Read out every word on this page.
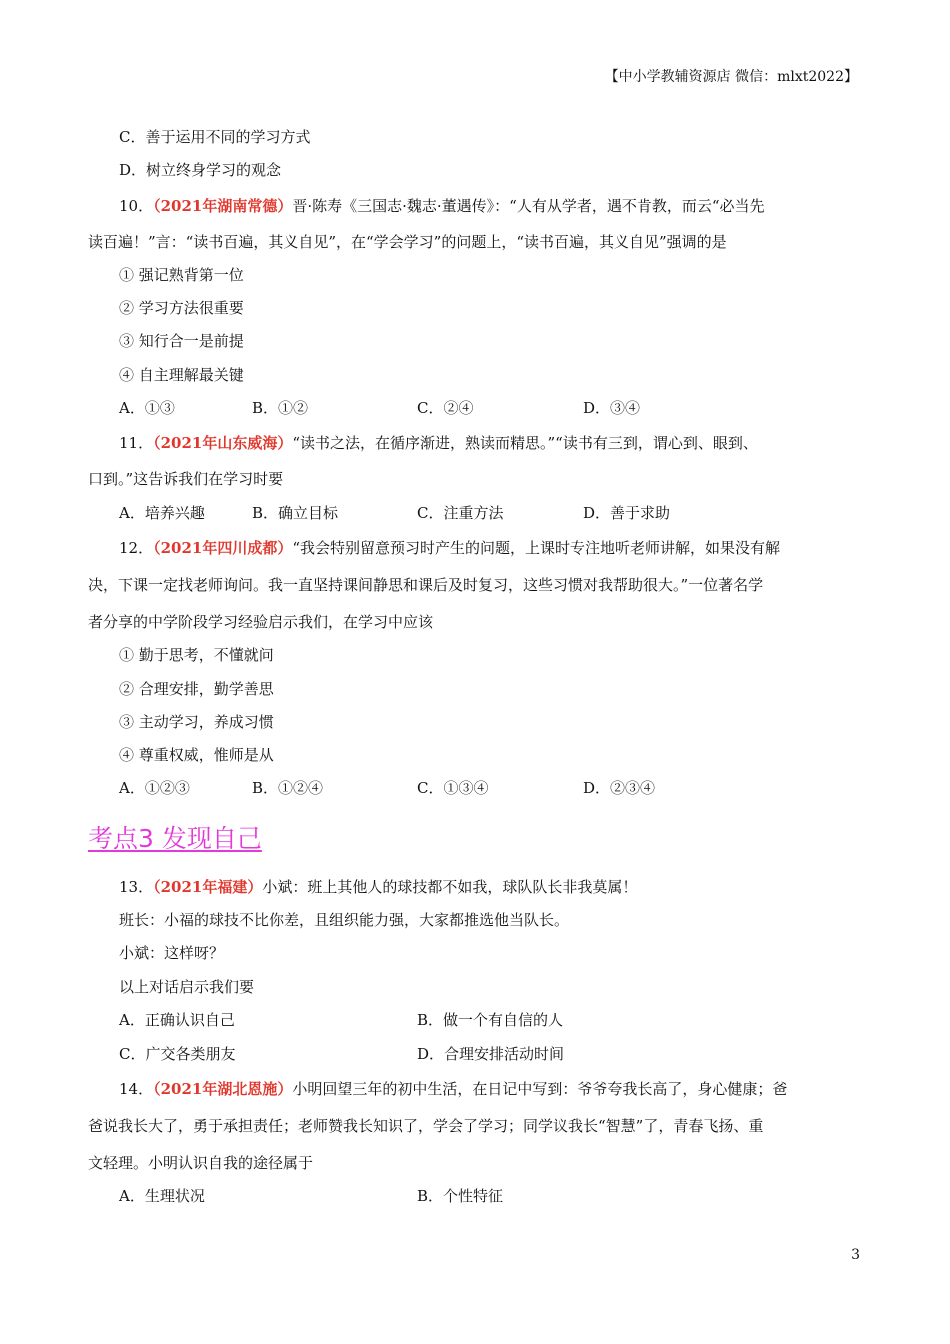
【中小学教辅资源店 微信：mlxt2022】
C．善于运用不同的学习方式
D．树立终身学习的观念
10．（2021年湖南常德）晋·陈寿《三国志·魏志·董遇传》：“人有从学者，遇不肯教，而云“必当先
读百遍！”言：“读书百遍，其义自见”，在“学会学习”的问题上，“读书百遍，其义自见”强调的是
① 强记熟背第一位
② 学习方法很重要
③ 知行合一是前提
④ 自主理解最关键
A．①③	B．①②	C．②④	D．③④
11．（2021年山东威海）“读书之法，在循序渐进，熟读而精思。”“读书有三到，谓心到、眼到、
口到。”这告诉我们在学习时要
A．培养兴趣	B．确立目标	C．注重方法	D．善于求助
12．（2021年四川成都）“我会特别留意预习时产生的问题，上课时专注地听老师讲解，如果没有解
决，下课一定找老师询问。我一直坚持课间静思和课后及时复习，这些习惯对我帮助很大。”一位著名学
者分享的中学阶段学习经验启示我们，在学习中应该
① 勤于思考，不懂就问
② 合理安排，勤学善思
③ 主动学习，养成习惯
④ 尊重权威，惟师是从
A．①②③	B．①②④	C．①③④	D．②③④
考点3 发现自己
13．（2021年福建）小斌：班上其他人的球技都不如我，球队队长非我莫属！
班长：小福的球技不比你差，且组织能力强，大家都推选他当队长。
小斌：这样呀？
以上对话启示我们要
A．正确认识自己	B．做一个有自信的人
C．广交各类朋友	D．合理安排活动时间
14．（2021年湖北恩施）小明回望三年的初中生活，在日记中写到：爷爷夸我长高了，身心健康；爸
爸说我长大了，勇于承担责任；老师赞我长知识了，学会了学习；同学议我长“智慧”了，青春飞扬、重
文轻理。小明认识自我的途径属于
A．生理状况	B．个性特征
3
